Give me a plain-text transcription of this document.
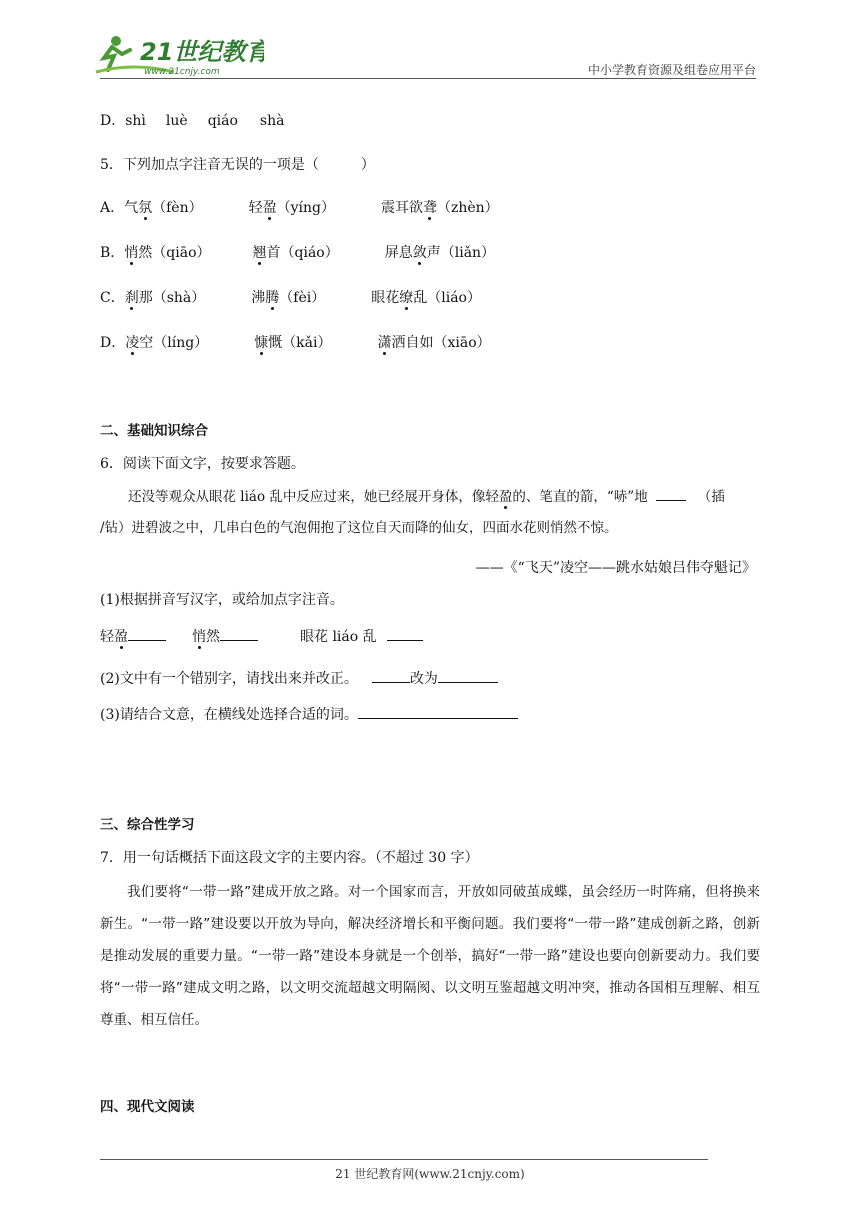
21世纪教育
www.21cnjy.com	中小学教育资源及组卷应用平台
D．shì luè qiáo shà
5．下列加点字注音无误的一项是（　　　）
A．气氛（fèn）	轻盈（yíng）	震耳欲聋（zhèn）
B．悄然（qiāo）	翘首（qiáo）	屏息敛声（liǎn）
C．刹那（shà）	沸腾（fèi）	眼花缭乱（liáo）
D．凌空（líng）	慷慨（kǎi）	潇洒自如（xiāo）
二、基础知识综合
6．阅读下面文字，按要求答题。
还没等观众从眼花 liáo 乱中反应过来，她已经展开身体，像轻盈的、笔直的箭，“哧”地	（插
/钻）进碧波之中，几串白色的气泡佣抱了这位自天而降的仙女，四面水花则悄然不惊。
——《“飞天”凌空——跳水姑娘吕伟夺魁记》
(1)根据拼音写汉字，或给加点字注音。
轻盈	悄然	眼花 liáo 乱
(2)文中有一个错别字，请找出来并改正。	改为
(3)请结合文意，在横线处选择合适的词。
三、综合性学习
7．用一句话概括下面这段文字的主要内容。（不超过 30 字）

我们要将“一带一路”建成开放之路。对一个国家而言，开放如同破茧成蝶，虽会经历一时阵痛，但将换来新生。“一带一路”建设要以开放为导向，解决经济增长和平衡问题。我们要将“一带一路”建成创新之路，创新是推动发展的重要力量。“一带一路”建设本身就是一个创举，搞好“一带一路”建设也要向创新要动力。我们要将“一带一路”建成文明之路，以文明交流超越文明隔阂、以文明互鉴超越文明冲突，推动各国相互理解、相互尊重、相互信任。

四、现代文阅读
21 世纪教育网(www.21cnjy.com)
